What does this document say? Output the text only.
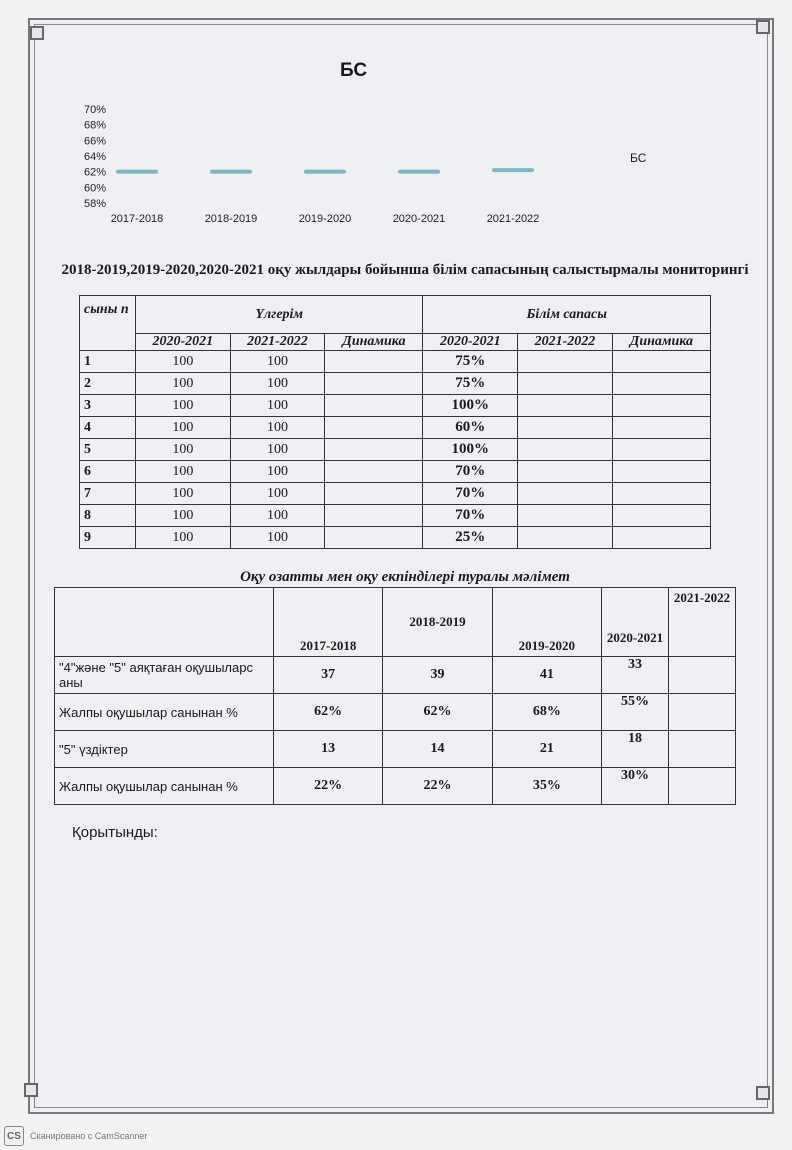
БС
70%
68%
66%
64%
62%
60%
58%
2017-2018	2018-2019	2019-2020	2020-2021	2021-2022
БС
2018-2019,2019-2020,2020-2021 оқу жылдары бойынша білім сапасының салыстырмалы мониторингі
сыны п	Үлгерім			Білім сапасы		
	2020-2021	2021-2022	Динамика	2020-2021	2021-2022	Динамика
1	100	100		75%		
2	100	100		75%		
3	100	100		100%		
4	100	100		60%		
5	100	100		100%		
6	100	100		70%		
7	100	100		70%		
8	100	100		70%		
9	100	100		25%		
Оқу озатты мен оқу екпінділері туралы мәлімет
	2017-2018	2018-2019	2019-2020	2020-2021	2021-2022
"4"және "5" аяқтаған оқушыларс аны	37	39	41	33	
Жалпы оқушылар санынан %	62%	62%	68%	55%	
"5" үздіктер	13	14	21	18	
Жалпы оқушылар санынан %	22%	22%	35%	30%	
Қорытынды:
CS	Сканировано с CamScanner
